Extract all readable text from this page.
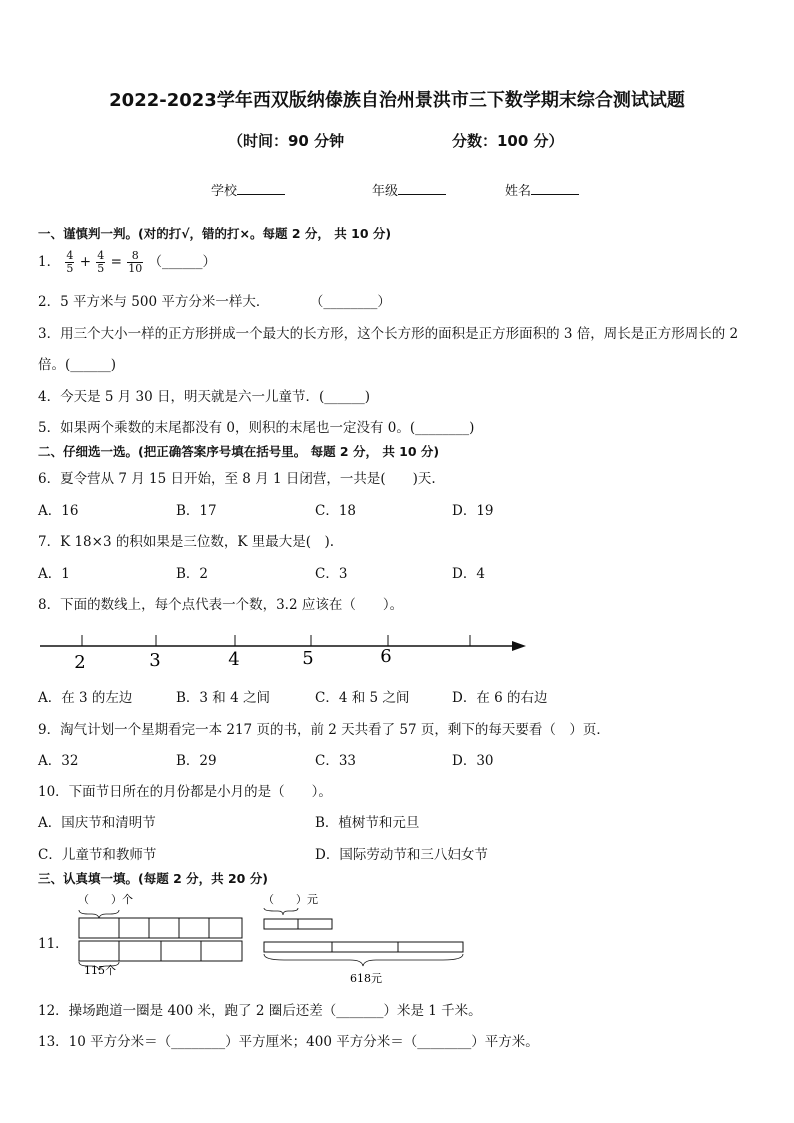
2022-2023学年西双版纳傣族自治州景洪市三下数学期末综合测试试题
（时间：90 分钟	分数：100 分）
学校	年级	姓名
一、谨慎判一判。(对的打√，错的打×。每题 2 分， 共 10 分)
1． $\frac{4}{5} + \frac{4}{5} = \frac{8}{10}$ （______）
2．5 平方米与 500 平方分米一样大．　　　　（________）
3．用三个大小一样的正方形拼成一个最大的长方形，这个长方形的面积是正方形面积的 3 倍，周长是正方形周长的 2
倍。(______)
4．今天是 5 月 30 日，明天就是六一儿童节．(______)
5．如果两个乘数的末尾都没有 0，则积的末尾也一定没有 0。(________)
二、仔细选一选。(把正确答案序号填在括号里。 每题 2 分， 共 10 分)
6．夏令营从 7 月 15 日开始，至 8 月 1 日闭营，一共是(　　)天.
A．16	B．17	C．18	D．19
7．K 18×3 的积如果是三位数，K 里最大是(　).
A．1	B．2	C．3	D．4
8．下面的数线上，每个点代表一个数，3.2 应该在（　　）。
2	3	4	5	6
A．在 3 的左边	B．3 和 4 之间	C．4 和 5 之间	D．在 6 的右边
9．淘气计划一个星期看完一本 217 页的书，前 2 天共看了 57 页，剩下的每天要看（　）页．
A．32	B．29	C．33	D．30
10．下面节日所在的月份都是小月的是（　　）。
A．国庆节和清明节	B．植树节和元旦
C．儿童节和教师节	D．国际劳动节和三八妇女节
三、认真填一填。(每题 2 分，共 20 分)
11．
（　　）个
115个
（　　）元
618元
12．操场跑道一圈是 400 米，跑了 2 圈后还差（_______）米是 1 千米。
13．10 平方分米＝（________）平方厘米；400 平方分米＝（________）平方米。
